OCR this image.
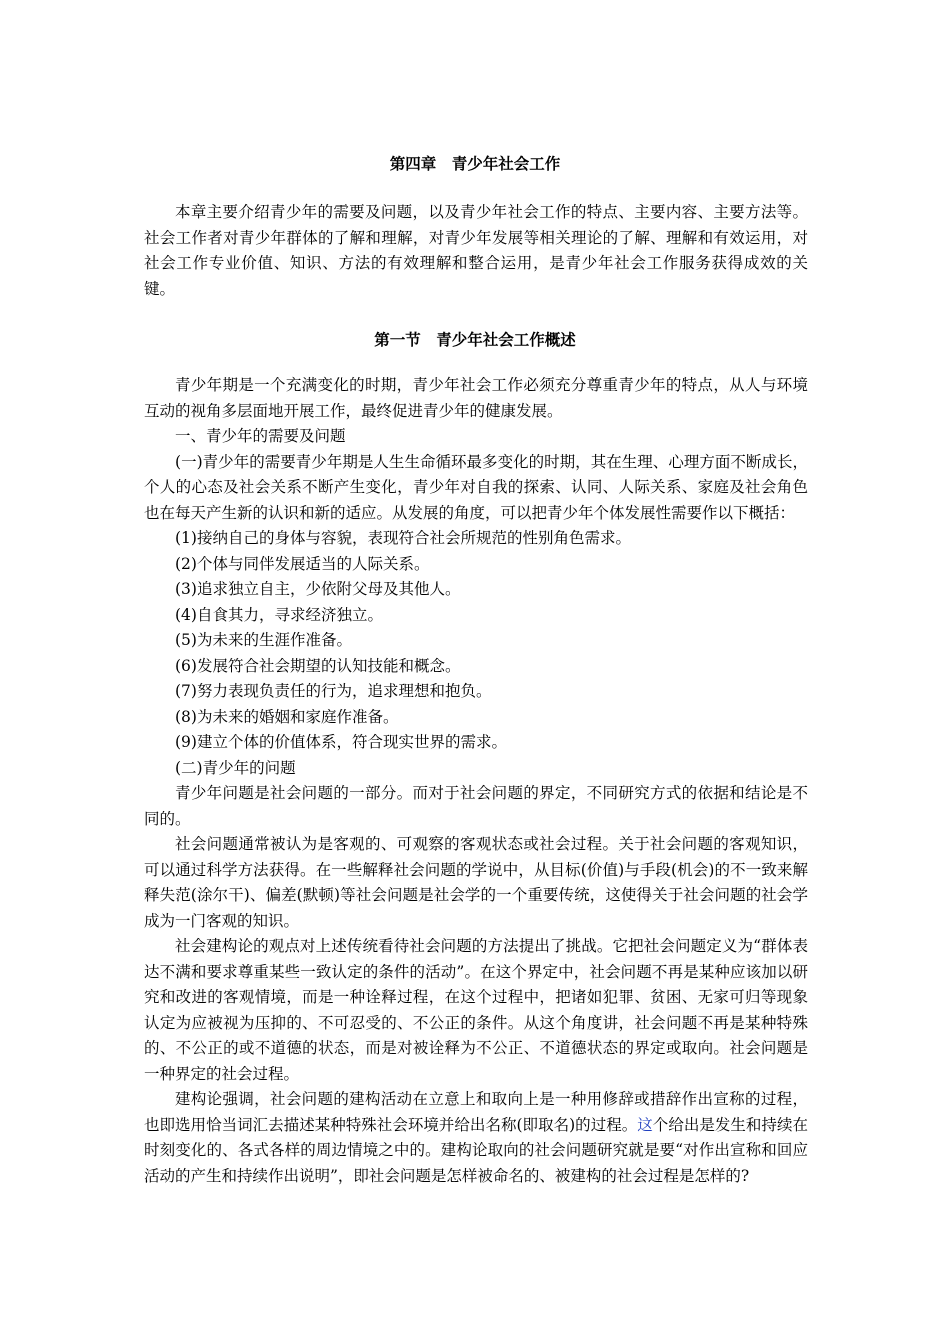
第四章　青少年社会工作

本章主要介绍青少年的需要及问题，以及青少年社会工作的特点、主要内容、主要方法等。社会工作者对青少年群体的了解和理解，对青少年发展等相关理论的了解、理解和有效运用，对社会工作专业价值、知识、方法的有效理解和整合运用，是青少年社会工作服务获得成效的关键。

第一节　青少年社会工作概述

青少年期是一个充满变化的时期，青少年社会工作必须充分尊重青少年的特点，从人与环境互动的视角多层面地开展工作，最终促进青少年的健康发展。

一、青少年的需要及问题

(一)青少年的需要青少年期是人生生命循环最多变化的时期，其在生理、心理方面不断成长，个人的心态及社会关系不断产生变化，青少年对自我的探索、认同、人际关系、家庭及社会角色也在每天产生新的认识和新的适应。从发展的角度，可以把青少年个体发展性需要作以下概括：

(1)接纳自己的身体与容貌，表现符合社会所规范的性别角色需求。

(2)个体与同伴发展适当的人际关系。

(3)追求独立自主，少依附父母及其他人。

(4)自食其力，寻求经济独立。

(5)为未来的生涯作准备。

(6)发展符合社会期望的认知技能和概念。

(7)努力表现负责任的行为，追求理想和抱负。

(8)为未来的婚姻和家庭作准备。

(9)建立个体的价值体系，符合现实世界的需求。

(二)青少年的问题

青少年问题是社会问题的一部分。而对于社会问题的界定，不同研究方式的依据和结论是不同的。

社会问题通常被认为是客观的、可观察的客观状态或社会过程。关于社会问题的客观知识，可以通过科学方法获得。在一些解释社会问题的学说中，从目标(价值)与手段(机会)的不一致来解释失范(涂尔干)、偏差(默顿)等社会问题是社会学的一个重要传统，这使得关于社会问题的社会学成为一门客观的知识。

社会建构论的观点对上述传统看待社会问题的方法提出了挑战。它把社会问题定义为“群体表达不满和要求尊重某些一致认定的条件的活动”。在这个界定中，社会问题不再是某种应该加以研究和改进的客观情境，而是一种诠释过程，在这个过程中，把诸如犯罪、贫困、无家可归等现象认定为应被视为压抑的、不可忍受的、不公正的条件。从这个角度讲，社会问题不再是某种特殊的、不公正的或不道德的状态，而是对被诠释为不公正、不道德状态的界定或取向。社会问题是一种界定的社会过程。

建构论强调，社会问题的建构活动在立意上和取向上是一种用修辞或措辞作出宣称的过程，也即选用恰当词汇去描述某种特殊社会环境并给出名称(即取名)的过程。这个给出是发生和持续在时刻变化的、各式各样的周边情境之中的。建构论取向的社会问题研究就是要“对作出宣称和回应活动的产生和持续作出说明”，即社会问题是怎样被命名的、被建构的社会过程是怎样的?
